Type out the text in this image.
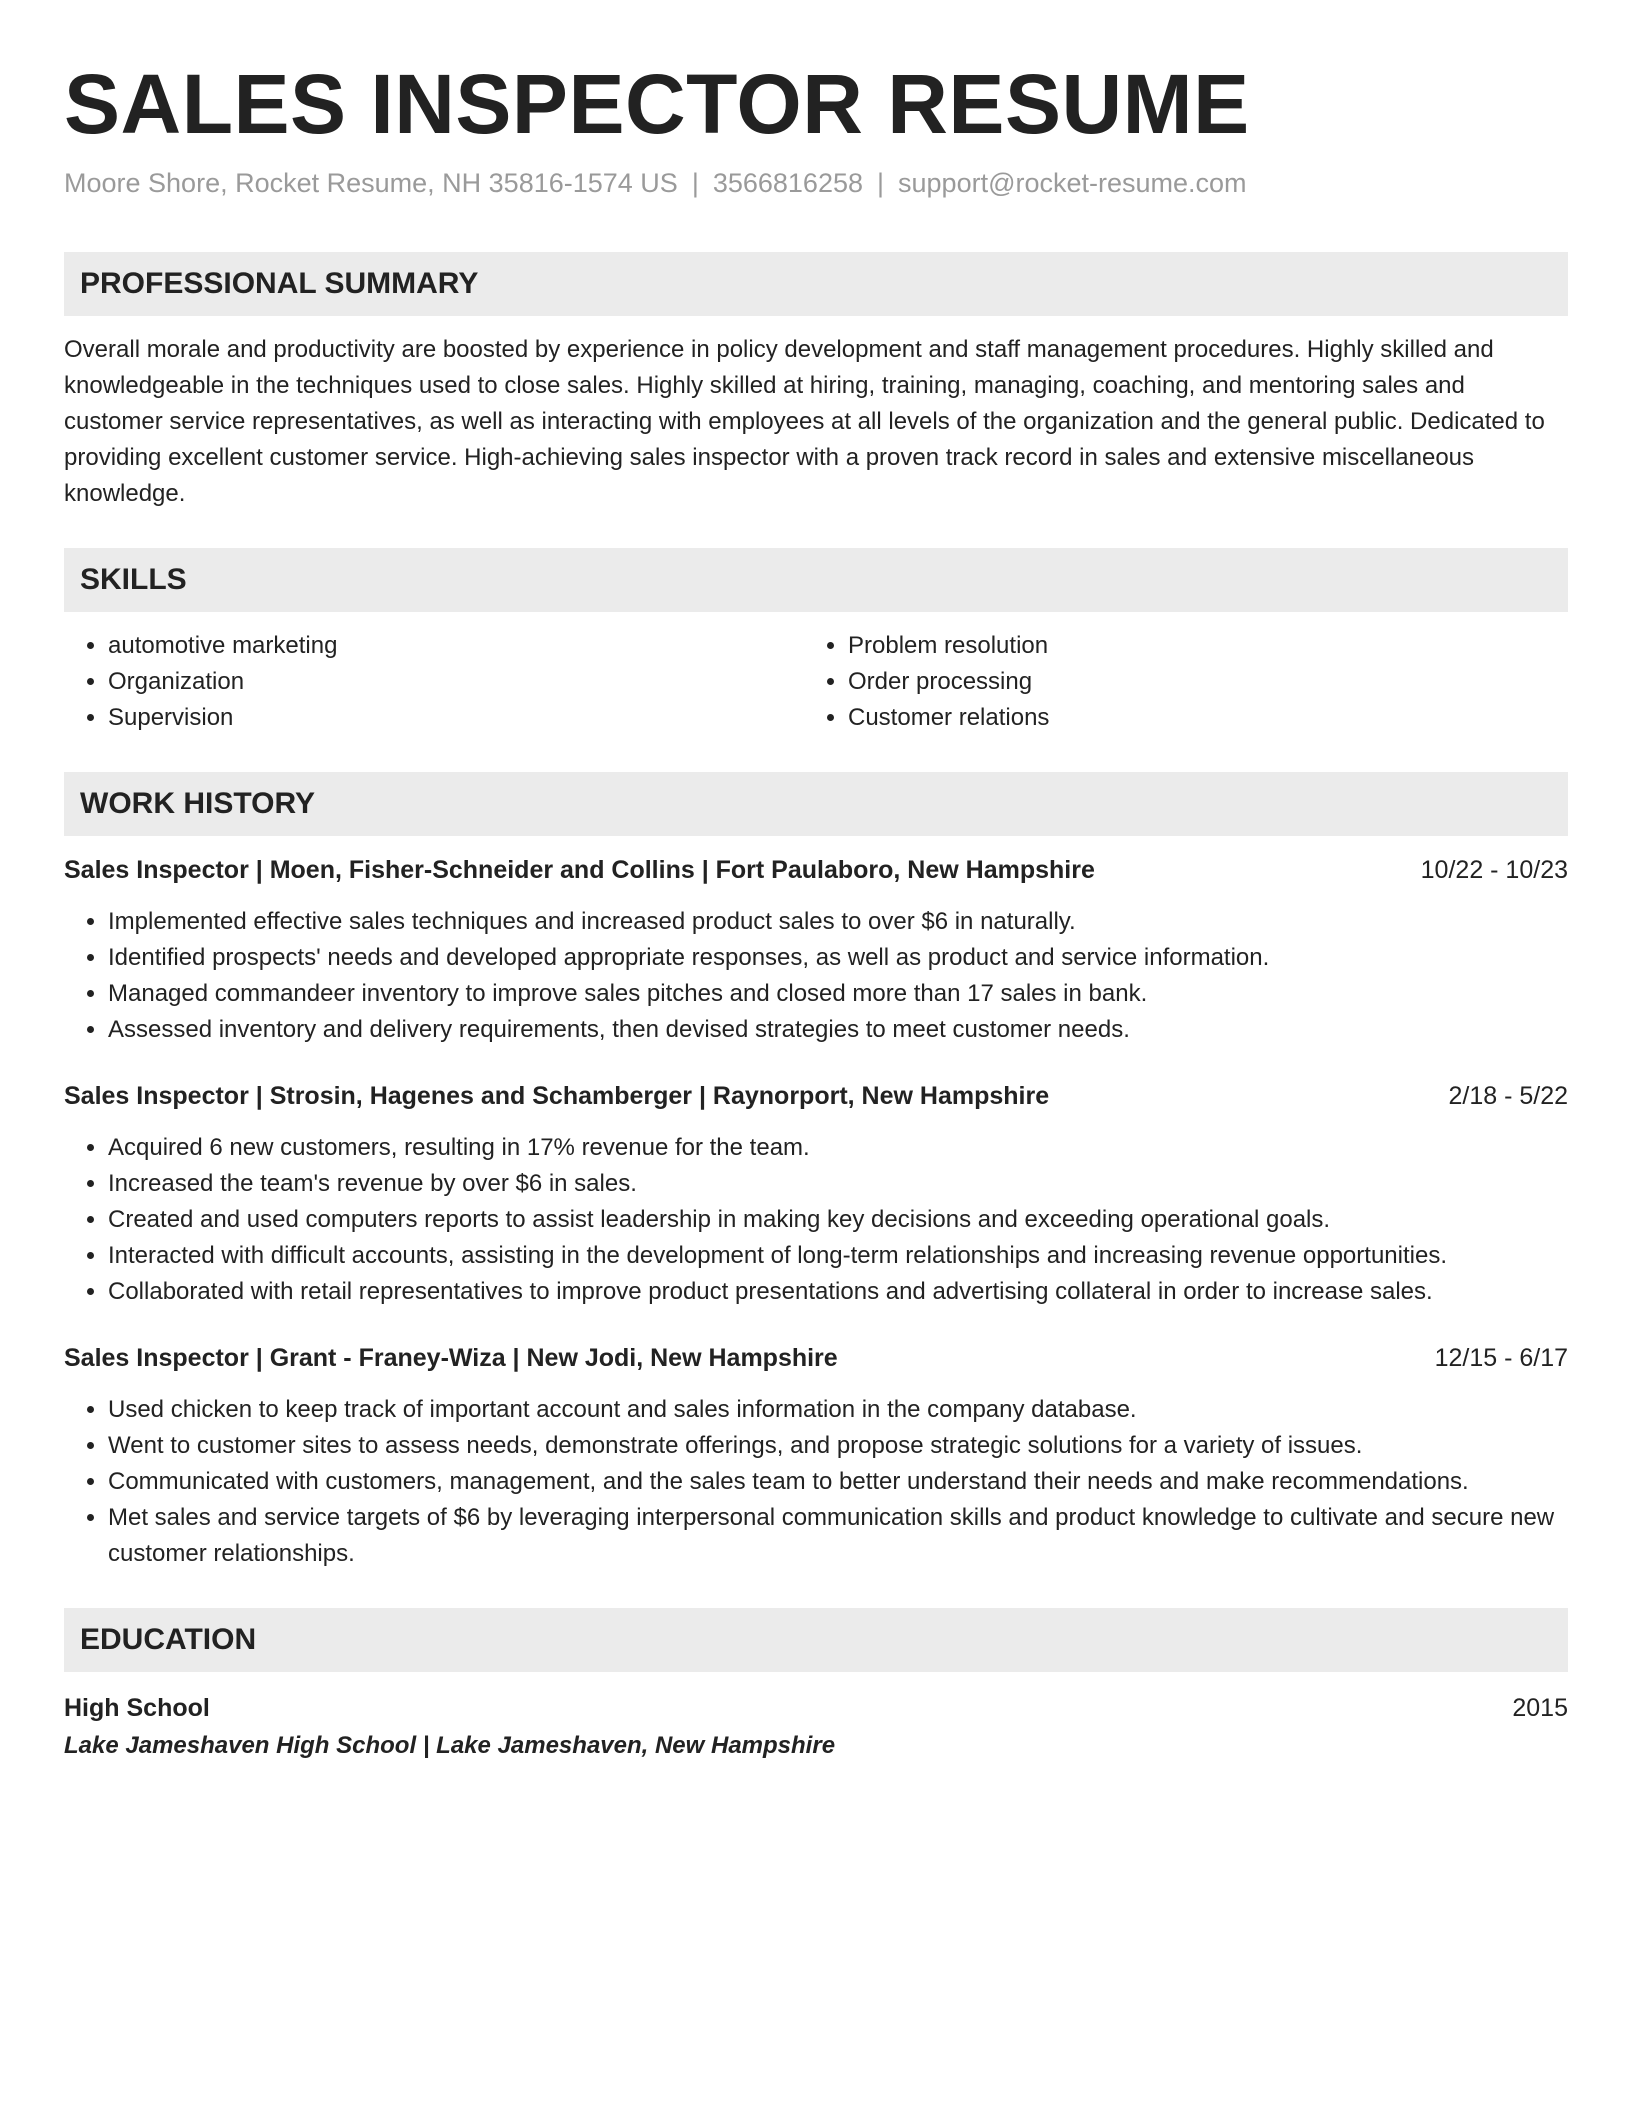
SALES INSPECTOR RESUME
Moore Shore, Rocket Resume, NH 35816-1574 US | 3566816258 | support@rocket-resume.com
PROFESSIONAL SUMMARY
Overall morale and productivity are boosted by experience in policy development and staff management procedures. Highly skilled and knowledgeable in the techniques used to close sales. Highly skilled at hiring, training, managing, coaching, and mentoring sales and customer service representatives, as well as interacting with employees at all levels of the organization and the general public. Dedicated to providing excellent customer service. High-achieving sales inspector with a proven track record in sales and extensive miscellaneous knowledge.
SKILLS
• automotive marketing
• Organization
• Supervision
• Problem resolution
• Order processing
• Customer relations
WORK HISTORY
Sales Inspector | Moen, Fisher-Schneider and Collins | Fort Paulaboro, New Hampshire	10/22 - 10/23
• Implemented effective sales techniques and increased product sales to over $6 in naturally.
• Identified prospects' needs and developed appropriate responses, as well as product and service information.
• Managed commandeer inventory to improve sales pitches and closed more than 17 sales in bank.
• Assessed inventory and delivery requirements, then devised strategies to meet customer needs.
Sales Inspector | Strosin, Hagenes and Schamberger | Raynorport, New Hampshire	2/18 - 5/22
• Acquired 6 new customers, resulting in 17% revenue for the team.
• Increased the team's revenue by over $6 in sales.
• Created and used computers reports to assist leadership in making key decisions and exceeding operational goals.
• Interacted with difficult accounts, assisting in the development of long-term relationships and increasing revenue opportunities.
• Collaborated with retail representatives to improve product presentations and advertising collateral in order to increase sales.
Sales Inspector | Grant - Franey-Wiza | New Jodi, New Hampshire	12/15 - 6/17
• Used chicken to keep track of important account and sales information in the company database.
• Went to customer sites to assess needs, demonstrate offerings, and propose strategic solutions for a variety of issues.
• Communicated with customers, management, and the sales team to better understand their needs and make recommendations.
• Met sales and service targets of $6 by leveraging interpersonal communication skills and product knowledge to cultivate and secure new customer relationships.
EDUCATION
High School	2015
Lake Jameshaven High School | Lake Jameshaven, New Hampshire
